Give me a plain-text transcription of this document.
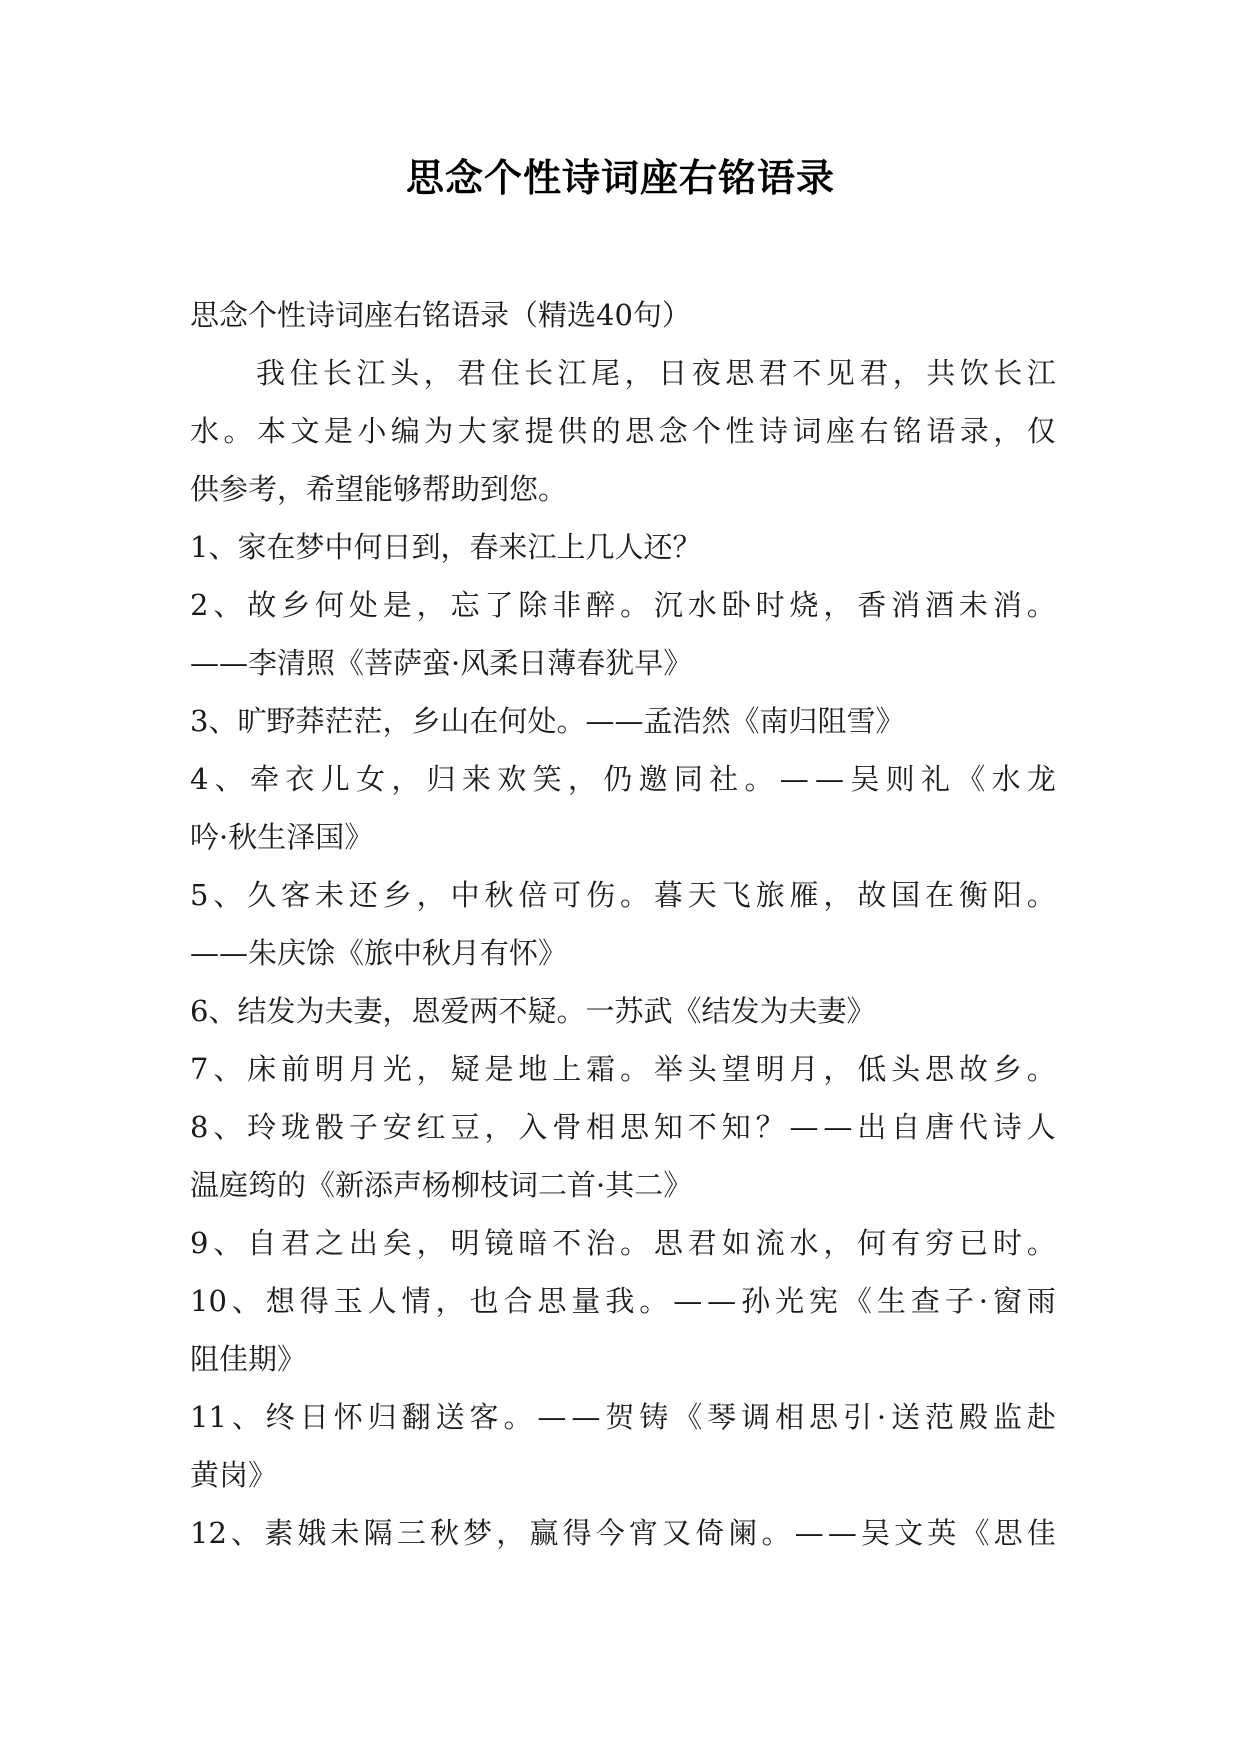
思念个性诗词座右铭语录
思念个性诗词座右铭语录（精选40句）
我 住 长 江 头 ， 君 住 长 江 尾 ， 日 夜 思 君 不 见 君 ， 共 饮 长 江
水 。 本 文 是 小 编 为 大 家 提 供 的 思 念 个 性 诗 词 座 右 铭 语 录 ， 仅
供参考，希望能够帮助到您。
1、家在梦中何日到，春来江上几人还？
2 、 故 乡 何 处 是 ， 忘 了 除 非 醉 。 沉 水 卧 时 烧 ， 香 消 酒 未 消 。
——李清照《菩萨蛮·风柔日薄春犹早》
3、旷野莽茫茫，乡山在何处。——孟浩然《南归阻雪》
4 、 牵 衣 儿 女 ， 归 来 欢 笑 ， 仍 邀 同 社 。 — — 吴 则 礼 《 水 龙
吟·秋生泽国》
5 、 久 客 未 还 乡 ， 中 秋 倍 可 伤 。 暮 天 飞 旅 雁 ， 故 国 在 衡 阳 。
——朱庆馀《旅中秋月有怀》
6、结发为夫妻，恩爱两不疑。一苏武《结发为夫妻》
7 、 床 前 明 月 光 ， 疑 是 地 上 霜 。 举 头 望 明 月 ， 低 头 思 故 乡 。
8 、 玲 珑 骰 子 安 红 豆 ， 入 骨 相 思 知 不 知 ？ — — 出 自 唐 代 诗 人
温庭筠的《新添声杨柳枝词二首·其二》
9 、 自 君 之 出 矣 ， 明 镜 暗 不 治 。 思 君 如 流 水 ， 何 有 穷 已 时 。
10 、 想 得 玉 人 情 ， 也 合 思 量 我 。 — — 孙 光 宪 《 生 查 子 · 窗 雨
阻佳期》
11 、 终 日 怀 归 翻 送 客 。 — — 贺 铸 《 琴 调 相 思 引 · 送 范 殿 监 赴
黄岗》
12 、 素 娥 未 隔 三 秋 梦 ， 赢 得 今 宵 又 倚 阑 。 — — 吴 文 英 《 思 佳
